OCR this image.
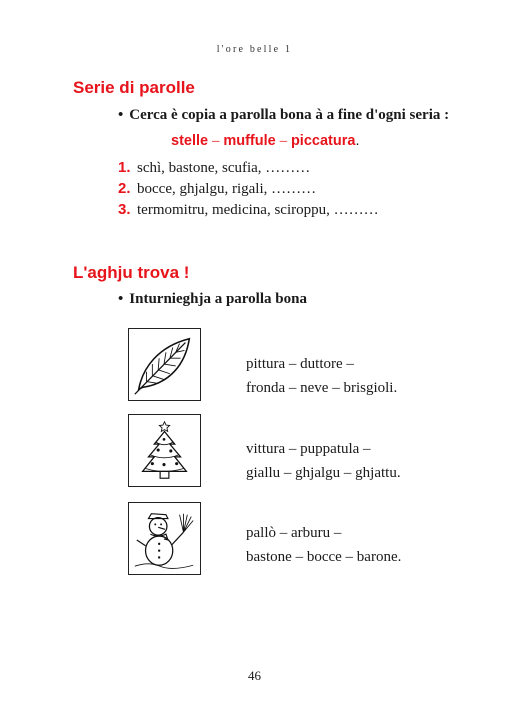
l'ore belle 1
Serie di parolle
• Cerca è copia a parolla bona à a fine d'ogni seria :
stelle – muffule – piccatura.
1. schì, bastone, scufia, ………
2. bocce, ghjalgu, rigali, ………
3. termomitru, medicina, sciroppu, ………
L'aghju trova !
• Inturnieghja a parolla bona
pittura – duttore –
fronda – neve – brisgioli.
vittura – puppatula –
giallu – ghjalgu – ghjattu.
pallò – arburu –
bastone – bocce – barone.
46
